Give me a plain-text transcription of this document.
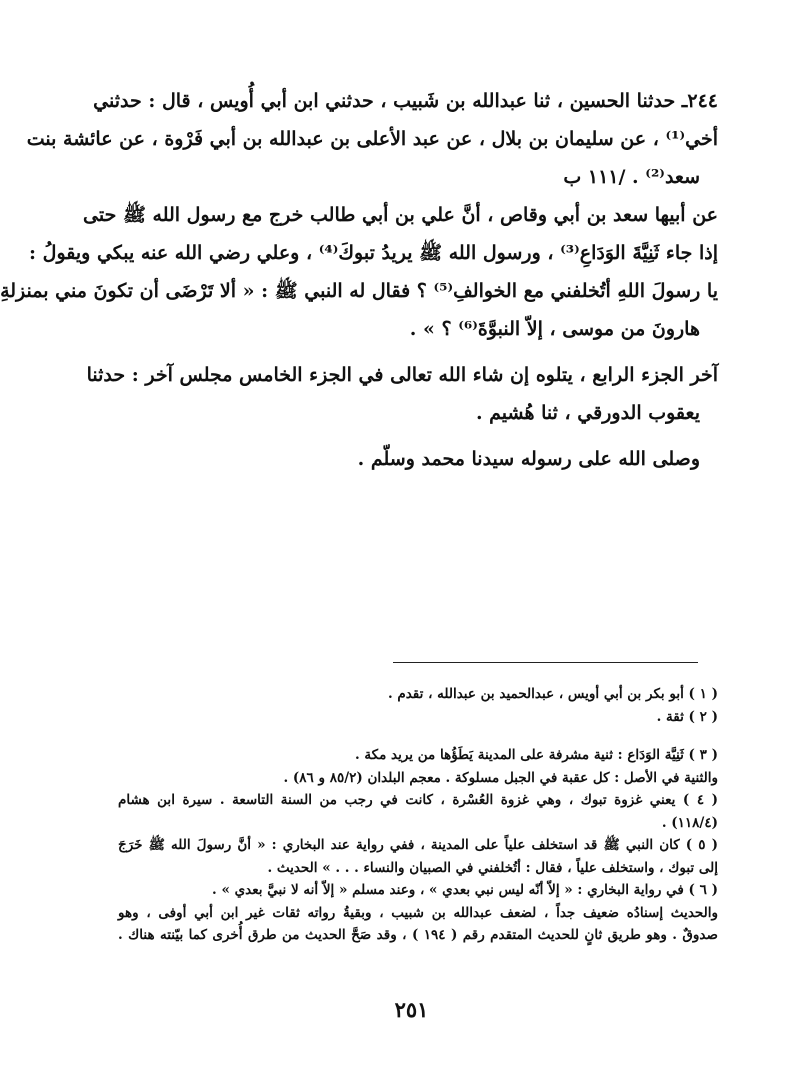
٢٤٤ـ حدثنا الحسين ، ثنا عبدالله بن شَبيب ، حدثني ابن أبي أُويس ، قال : حدثني
أخي⁽¹⁾ ، عن سليمان بن بلال ، عن عبد الأعلى بن عبدالله بن أبي فَرْوة ، عن عائشة بنت
سعد⁽²⁾ . /١١١ ب
عن أبيها سعد بن أبي وقاص ، أنَّ علي بن أبي طالب خرج مع رسول الله ﷺ حتى
إذا جاء ثَنِيَّةَ الوَدَاعِ⁽³⁾ ، ورسول الله ﷺ يريدُ تبوكَ⁽⁴⁾ ، وعلي رضي الله عنه يبكي ويقولُ :
يا رسولَ اللهِ أتُخلفني مع الخوالفِ⁽⁵⁾ ؟ فقال له النبي ﷺ : « ألا تَرْضَى أن تكونَ مني بمنزلةِ
هارونَ من موسى ، إلاّ النبوَّةَ⁽⁶⁾ ؟ » .
آخر الجزء الرابع ، يتلوه إن شاء الله تعالى في الجزء الخامس مجلس آخر : حدثنا
يعقوب الدورقي ، ثنا هُشيم .
وصلى الله على رسوله سيدنا محمد وسلّم .
( ١ ) أبو بكر بن أبي أويس ، عبدالحميد بن عبدالله ، تقدم .
( ٢ ) ثقة .
( ٣ ) ثَنِيَّة الوَدَاع : ثنية مشرفة على المدينة يَطَؤُها من يريد مكة .
والثنية في الأصل : كل عقبة في الجبل مسلوكة . معجم البلدان (٨٥/٢ و ٨٦) .
( ٤ ) يعني غزوة تبوك ، وهي غزوة العُسْرة ، كانت في رجب من السنة التاسعة . سيرة ابن هشام
(١١٨/٤) .
( ٥ ) كان النبي ﷺ قد استخلف علياً على المدينة ، ففي رواية عند البخاري : « أنَّ رسولَ الله ﷺ خَرَجَ
إلى تبوك ، واستخلف علياً ، فقال : أتُخلفني في الصبيان والنساء . . . » الحديث .
( ٦ ) في رواية البخاري : « إلاّ أنّه ليس نبي بعدي » ، وعند مسلم « إلاّ أنه لا نبيَّ بعدي » .
والحديث إسنادُه ضعيف جداً ، لضعف عبدالله بن شبيب ، وبقيةُ رواته ثقات غير ابن أبي أوفى ، وهو
صدوقٌ . وهو طريق ثانٍ للحديث المتقدم رقم ( ١٩٤ ) ، وقد صَحَّ الحديث من طرق أُخرى كما بيّنته هناك .
٢٥١
